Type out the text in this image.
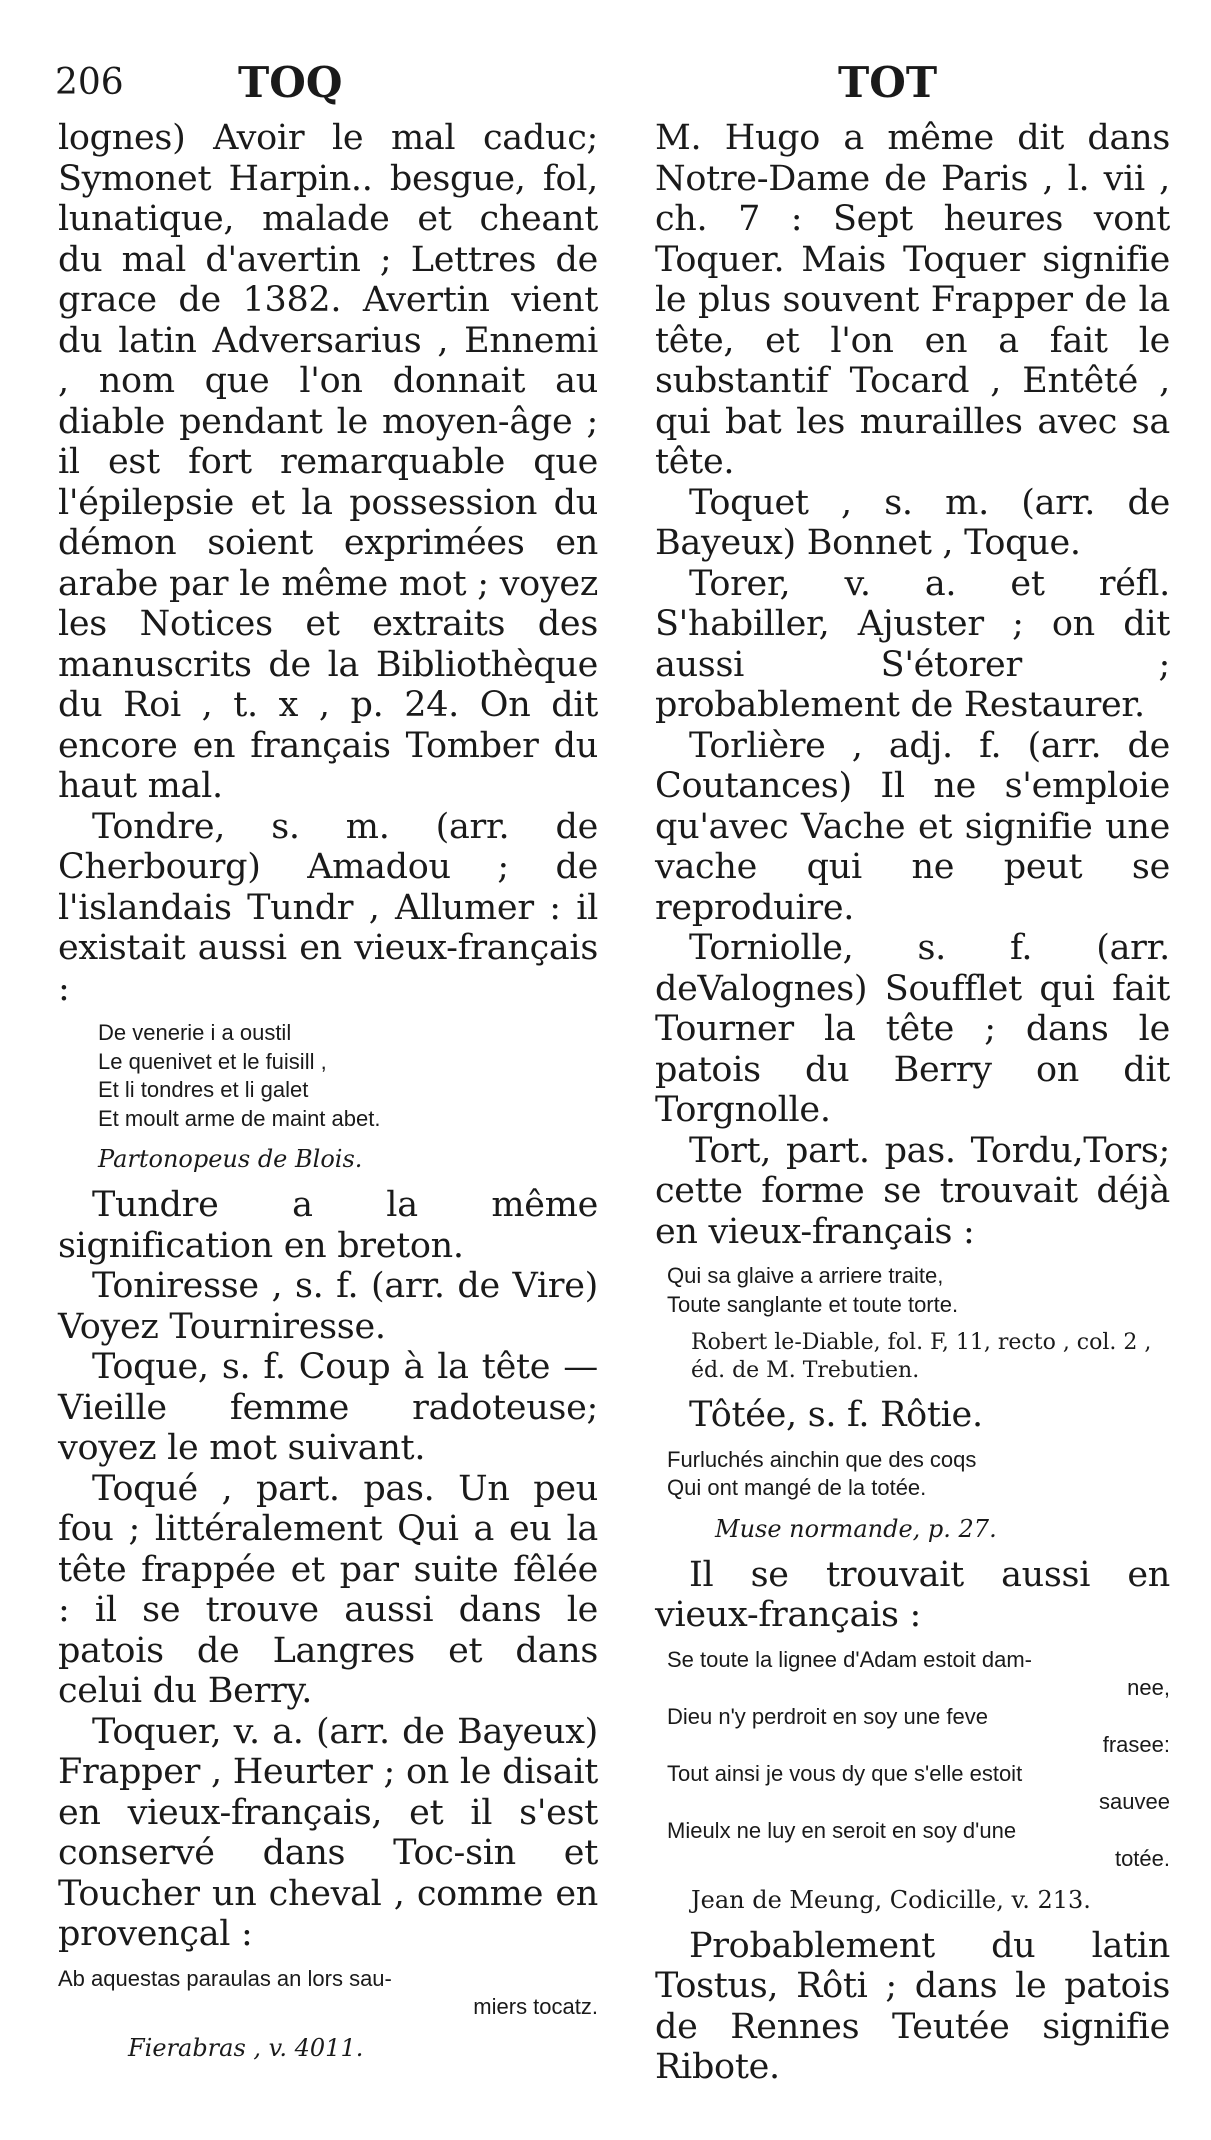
206	TOQ	TOT

lognes) Avoir le mal caduc; Symonet Harpin.. besgue, fol, lunatique, malade et cheant du mal d'avertin ; Lettres de grace de 1382. Avertin vient du latin Adversarius , Ennemi , nom que l'on donnait au diable pendant le moyen-âge ; il est fort remarquable que l'épilepsie et la possession du démon soient exprimées en arabe par le même mot ; voyez les Notices et extraits des manuscrits de la Bibliothèque du Roi , t. x , p. 24. On dit encore en français Tomber du haut mal.

Tondre, s. m. (arr. de Cherbourg) Amadou ; de l'islandais Tundr , Allumer : il existait aussi en vieux-français :

De venerie i a oustil
Le quenivet et le fuisill ,
Et li tondres et li galet
Et moult arme de maint abet.
Partonopeus de Blois.

Tundre a la même signification en breton.

Toniresse , s. f. (arr. de Vire) Voyez Tourniresse.

Toque, s. f. Coup à la tête — Vieille femme radoteuse; voyez le mot suivant.

Toqué , part. pas. Un peu fou ; littéralement Qui a eu la tête frappée et par suite fêlée : il se trouve aussi dans le patois de Langres et dans celui du Berry.

Toquer, v. a. (arr. de Bayeux) Frapper , Heurter ; on le disait en vieux-français, et il s'est conservé dans Toc-sin et Toucher un cheval , comme en provençal :

Ab aquestas paraulas an lors sau-
miers tocatz.
Fierabras , v. 4011.

M. Hugo a même dit dans Notre-Dame de Paris , l. vii , ch. 7 : Sept heures vont Toquer. Mais Toquer signifie le plus souvent Frapper de la tête, et l'on en a fait le substantif Tocard , Entêté , qui bat les murailles avec sa tête.

Toquet , s. m. (arr. de Bayeux) Bonnet , Toque.

Torer, v. a. et réfl. S'habiller, Ajuster ; on dit aussi S'étorer ; probablement de Restaurer.

Torlière , adj. f. (arr. de Coutances) Il ne s'emploie qu'avec Vache et signifie une vache qui ne peut se reproduire.

Torniolle, s. f. (arr. deValognes) Soufflet qui fait Tourner la tête ; dans le patois du Berry on dit Torgnolle.

Tort, part. pas. Tordu,Tors; cette forme se trouvait déjà en vieux-français :

Qui sa glaive a arriere traite,
Toute sanglante et toute torte.
Robert le-Diable, fol. F, 11, recto , col. 2 , éd. de M. Trebutien.

Tôtée, s. f. Rôtie.

Furluchés ainchin que des coqs
Qui ont mangé de la totée.
Muse normande, p. 27.

Il se trouvait aussi en vieux-français :

Se toute la lignee d'Adam estoit dam-
nee,
Dieu n'y perdroit en soy une feve
frasee:
Tout ainsi je vous dy que s'elle estoit
sauvee
Mieulx ne luy en seroit en soy d'une
totée.
Jean de Meung, Codicille, v. 213.

Probablement du latin Tostus, Rôti ; dans le patois de Rennes Teutée signifie Ribote.
